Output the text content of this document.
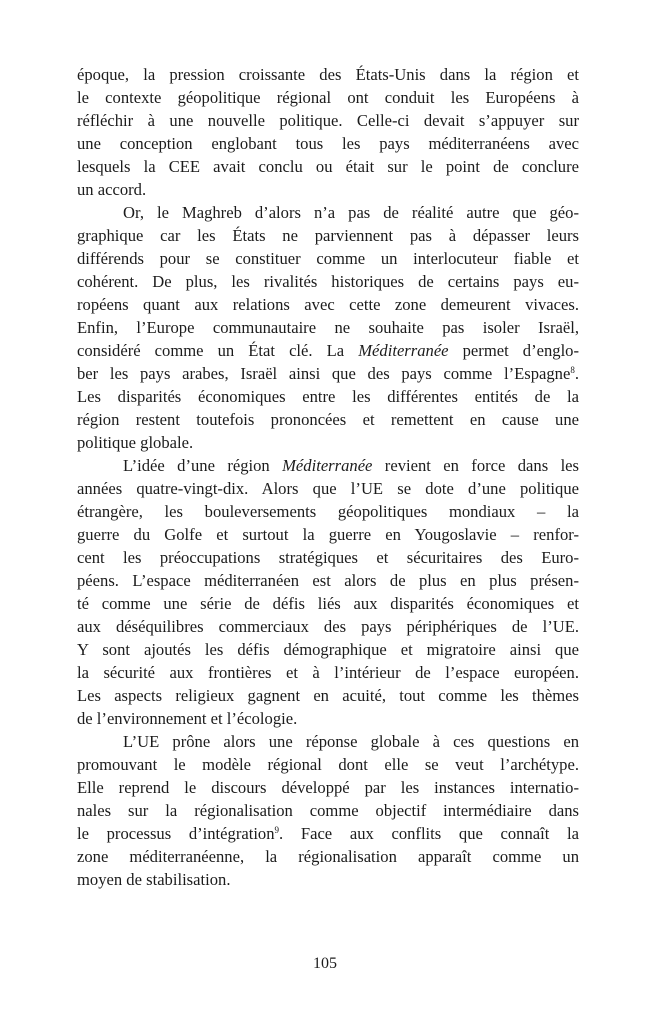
époque, la pression croissante des États-Unis dans la région et
le contexte géopolitique régional ont conduit les Européens à
réfléchir à une nouvelle politique. Celle-ci devait s’appuyer sur
une conception englobant tous les pays méditerranéens avec
lesquels la CEE avait conclu ou était sur le point de conclure
un accord.
Or, le Maghreb d’alors n’a pas de réalité autre que géo-
graphique car les États ne parviennent pas à dépasser leurs
différends pour se constituer comme un interlocuteur fiable et
cohérent. De plus, les rivalités historiques de certains pays eu-
ropéens quant aux relations avec cette zone demeurent vivaces.
Enfin, l’Europe communautaire ne souhaite pas isoler Israël,
considéré comme un État clé. La Méditerranée permet d’englo-
ber les pays arabes, Israël ainsi que des pays comme l’Espagne$^8$.
Les disparités économiques entre les différentes entités de la
région restent toutefois prononcées et remettent en cause une
politique globale.
L’idée d’une région Méditerranée revient en force dans les
années quatre-vingt-dix. Alors que l’UE se dote d’une politique
étrangère, les bouleversements géopolitiques mondiaux – la
guerre du Golfe et surtout la guerre en Yougoslavie – renfor-
cent les préoccupations stratégiques et sécuritaires des Euro-
péens. L’espace méditerranéen est alors de plus en plus présen-
té comme une série de défis liés aux disparités économiques et
aux déséquilibres commerciaux des pays périphériques de l’UE.
Y sont ajoutés les défis démographique et migratoire ainsi que
la sécurité aux frontières et à l’intérieur de l’espace européen.
Les aspects religieux gagnent en acuité, tout comme les thèmes
de l’environnement et l’écologie.
L’UE prône alors une réponse globale à ces questions en
promouvant le modèle régional dont elle se veut l’archétype.
Elle reprend le discours développé par les instances internatio-
nales sur la régionalisation comme objectif intermédiaire dans
le processus d’intégration$^9$. Face aux conflits que connaît la
zone méditerranéenne, la régionalisation apparaît comme un
moyen de stabilisation.
105
